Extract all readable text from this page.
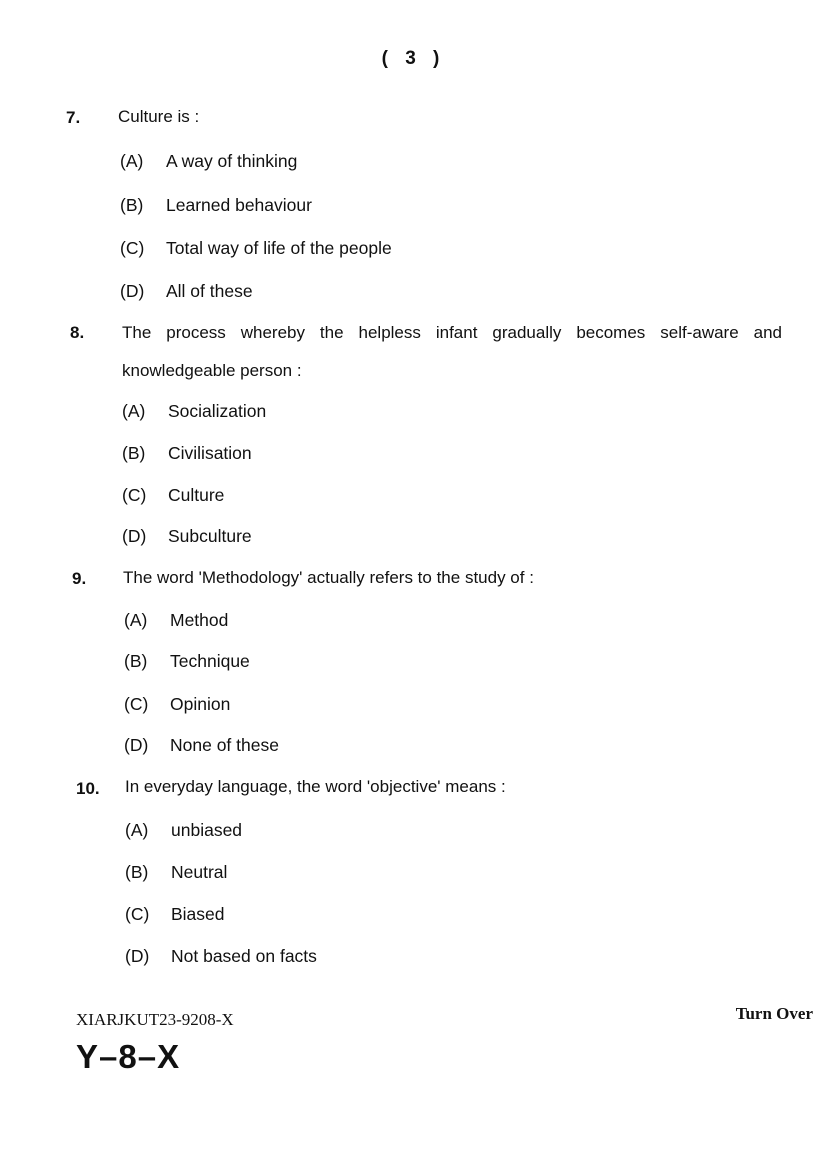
( 3 )
7. Culture is :
(A) A way of thinking
(B) Learned behaviour
(C) Total way of life of the people
(D) All of these
8. The process whereby the helpless infant gradually becomes self-aware and knowledgeable person :
(A) Socialization
(B) Civilisation
(C) Culture
(D) Subculture
9. The word 'Methodology' actually refers to the study of :
(A) Method
(B) Technique
(C) Opinion
(D) None of these
10. In everyday language, the word 'objective' means :
(A) unbiased
(B) Neutral
(C) Biased
(D) Not based on facts
XIARJKUT23-9208-X	Turn Over
Y–8–X
